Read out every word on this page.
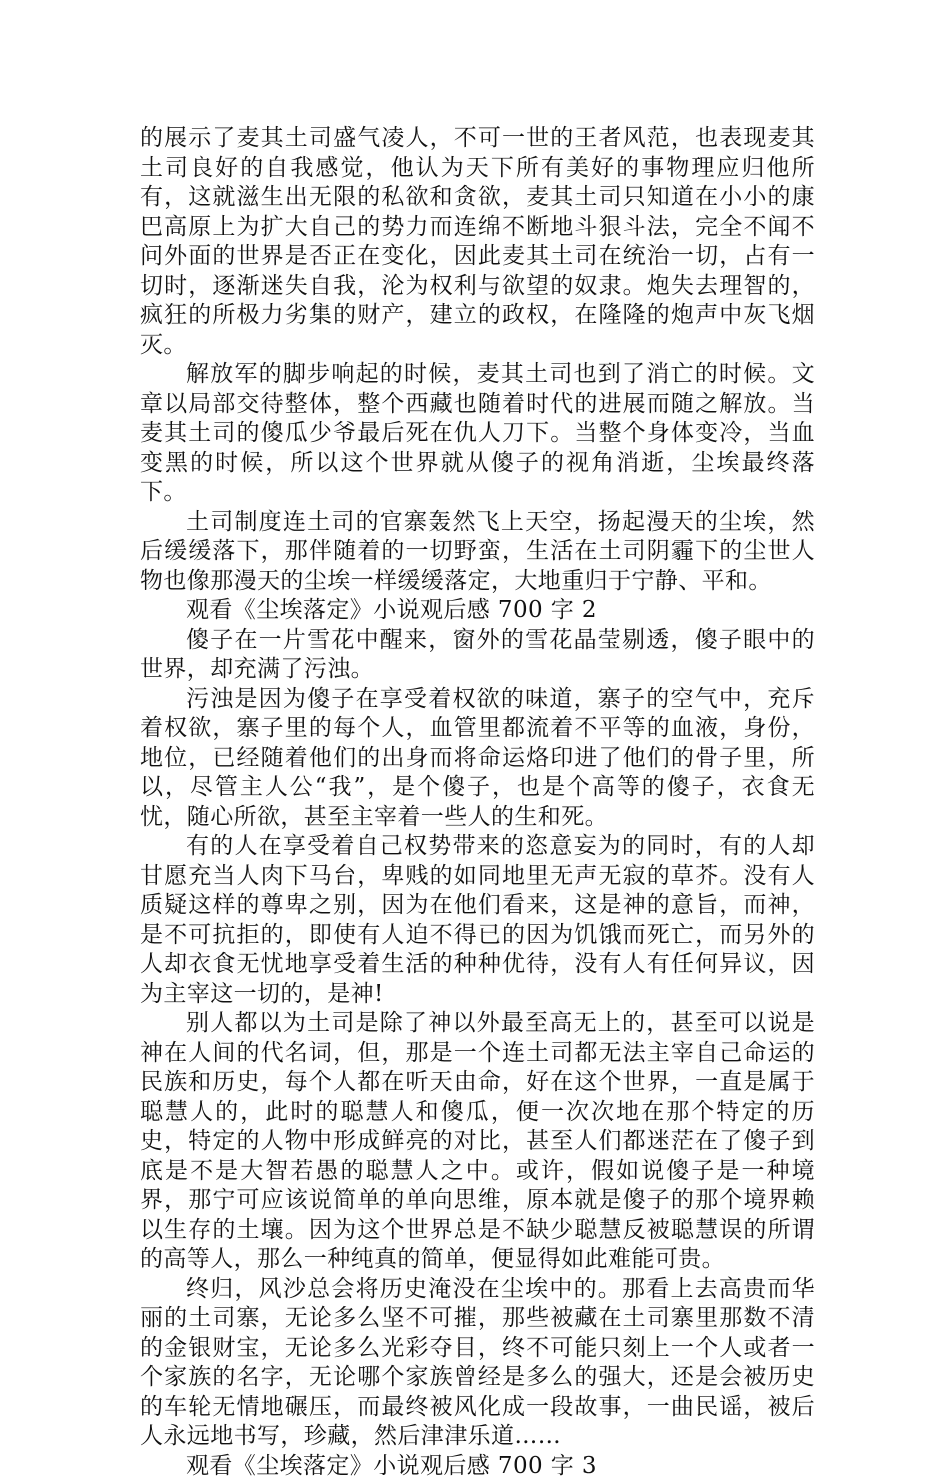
的展示了麦其土司盛气凌人，不可一世的王者风范，也表现麦其土司良好的自我感觉，他认为天下所有美好的事物理应归他所有，这就滋生出无限的私欲和贪欲，麦其土司只知道在小小的康巴高原上为扩大自己的势力而连绵不断地斗狠斗法，完全不闻不问外面的世界是否正在变化，因此麦其土司在统治一切，占有一切时，逐渐迷失自我，沦为权利与欲望的奴隶。炮失去理智的，疯狂的所极力劣集的财产，建立的政权，在隆隆的炮声中灰飞烟灭。

解放军的脚步响起的时候，麦其土司也到了消亡的时候。文章以局部交待整体，整个西藏也随着时代的进展而随之解放。当麦其土司的傻瓜少爷最后死在仇人刀下。当整个身体变冷，当血变黑的时候，所以这个世界就从傻子的视角消逝，尘埃最终落下。

土司制度连土司的官寨轰然飞上天空，扬起漫天的尘埃，然后缓缓落下，那伴随着的一切野蛮，生活在土司阴霾下的尘世人物也像那漫天的尘埃一样缓缓落定，大地重归于宁静、平和。

观看《尘埃落定》小说观后感 700 字 2

傻子在一片雪花中醒来，窗外的雪花晶莹剔透，傻子眼中的世界，却充满了污浊。

污浊是因为傻子在享受着权欲的味道，寨子的空气中，充斥着权欲，寨子里的每个人，血管里都流着不平等的血液，身份，地位，已经随着他们的出身而将命运烙印进了他们的骨子里，所以，尽管主人公“我”，是个傻子，也是个高等的傻子，衣食无忧，随心所欲，甚至主宰着一些人的生和死。

有的人在享受着自己权势带来的恣意妄为的同时，有的人却甘愿充当人肉下马台，卑贱的如同地里无声无寂的草芥。没有人质疑这样的尊卑之别，因为在他们看来，这是神的意旨，而神，是不可抗拒的，即使有人迫不得已的因为饥饿而死亡，而另外的人却衣食无忧地享受着生活的种种优待，没有人有任何异议，因为主宰这一切的，是神!

别人都以为土司是除了神以外最至高无上的，甚至可以说是神在人间的代名词，但，那是一个连土司都无法主宰自己命运的民族和历史，每个人都在听天由命，好在这个世界，一直是属于聪慧人的，此时的聪慧人和傻瓜，便一次次地在那个特定的历史，特定的人物中形成鲜亮的对比，甚至人们都迷茫在了傻子到底是不是大智若愚的聪慧人之中。或许，假如说傻子是一种境界，那宁可应该说简单的单向思维，原本就是傻子的那个境界赖以生存的土壤。因为这个世界总是不缺少聪慧反被聪慧误的所谓的高等人，那么一种纯真的简单，便显得如此难能可贵。

终归，风沙总会将历史淹没在尘埃中的。那看上去高贵而华丽的土司寨，无论多么坚不可摧，那些被藏在土司寨里那数不清的金银财宝，无论多么光彩夺目，终不可能只刻上一个人或者一个家族的名字，无论哪个家族曾经是多么的强大，还是会被历史的车轮无情地碾压，而最终被风化成一段故事，一曲民谣，被后人永远地书写，珍藏，然后津津乐道……

观看《尘埃落定》小说观后感 700 字 3
